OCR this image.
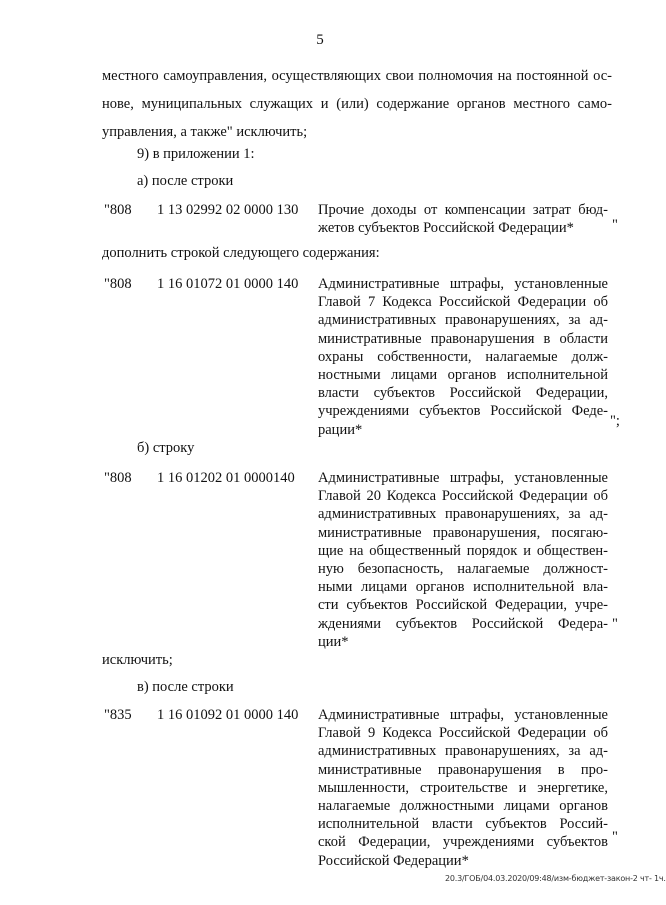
5
местного самоуправления, осуществляющих свои полномочия на постоянной ос-
нове, муниципальных служащих и (или) содержание органов местного само-
управления, а также" исключить;
9) в приложении 1:
а) после строки
"808 1 13 02992 02 0000 130 Прочие доходы от компенсации затрат бюд-
жетов субъектов Российской Федерации*	"
дополнить строкой следующего содержания:
"808 1 16 01072 01 0000 140 Административные штрафы, установленные
Главой 7 Кодекса Российской Федерации об
административных правонарушениях, за ад-
министративные правонарушения в области
охраны собственности, налагаемые долж-
ностными лицами органов исполнительной
власти субъектов Российской Федерации,
учреждениями субъектов Российской Феде-
рации*
";
б) строку
"808 1 16 01202 01 0000140 Административные штрафы, установленные
Главой 20 Кодекса Российской Федерации об
административных правонарушениях, за ад-
министративные правонарушения, посягаю-
щие на общественный порядок и обществен-
ную безопасность, налагаемые должност-
ными лицами органов исполнительной вла-
сти субъектов Российской Федерации, учре-
ждениями субъектов Российской Федера-
ции*
"
исключить;
в) после строки
"835 1 16 01092 01 0000 140 Административные штрафы, установленные
Главой 9 Кодекса Российской Федерации об
административных правонарушениях, за ад-
министративные правонарушения в про-
мышленности, строительстве и энергетике,
налагаемые должностными лицами органов
исполнительной власти субъектов Россий-
ской Федерации, учреждениями субъектов
Российской Федерации*
"
20.3/ГОБ/04.03.2020/09:48/изм-бюджет-закон-2 чт- 1ч.
